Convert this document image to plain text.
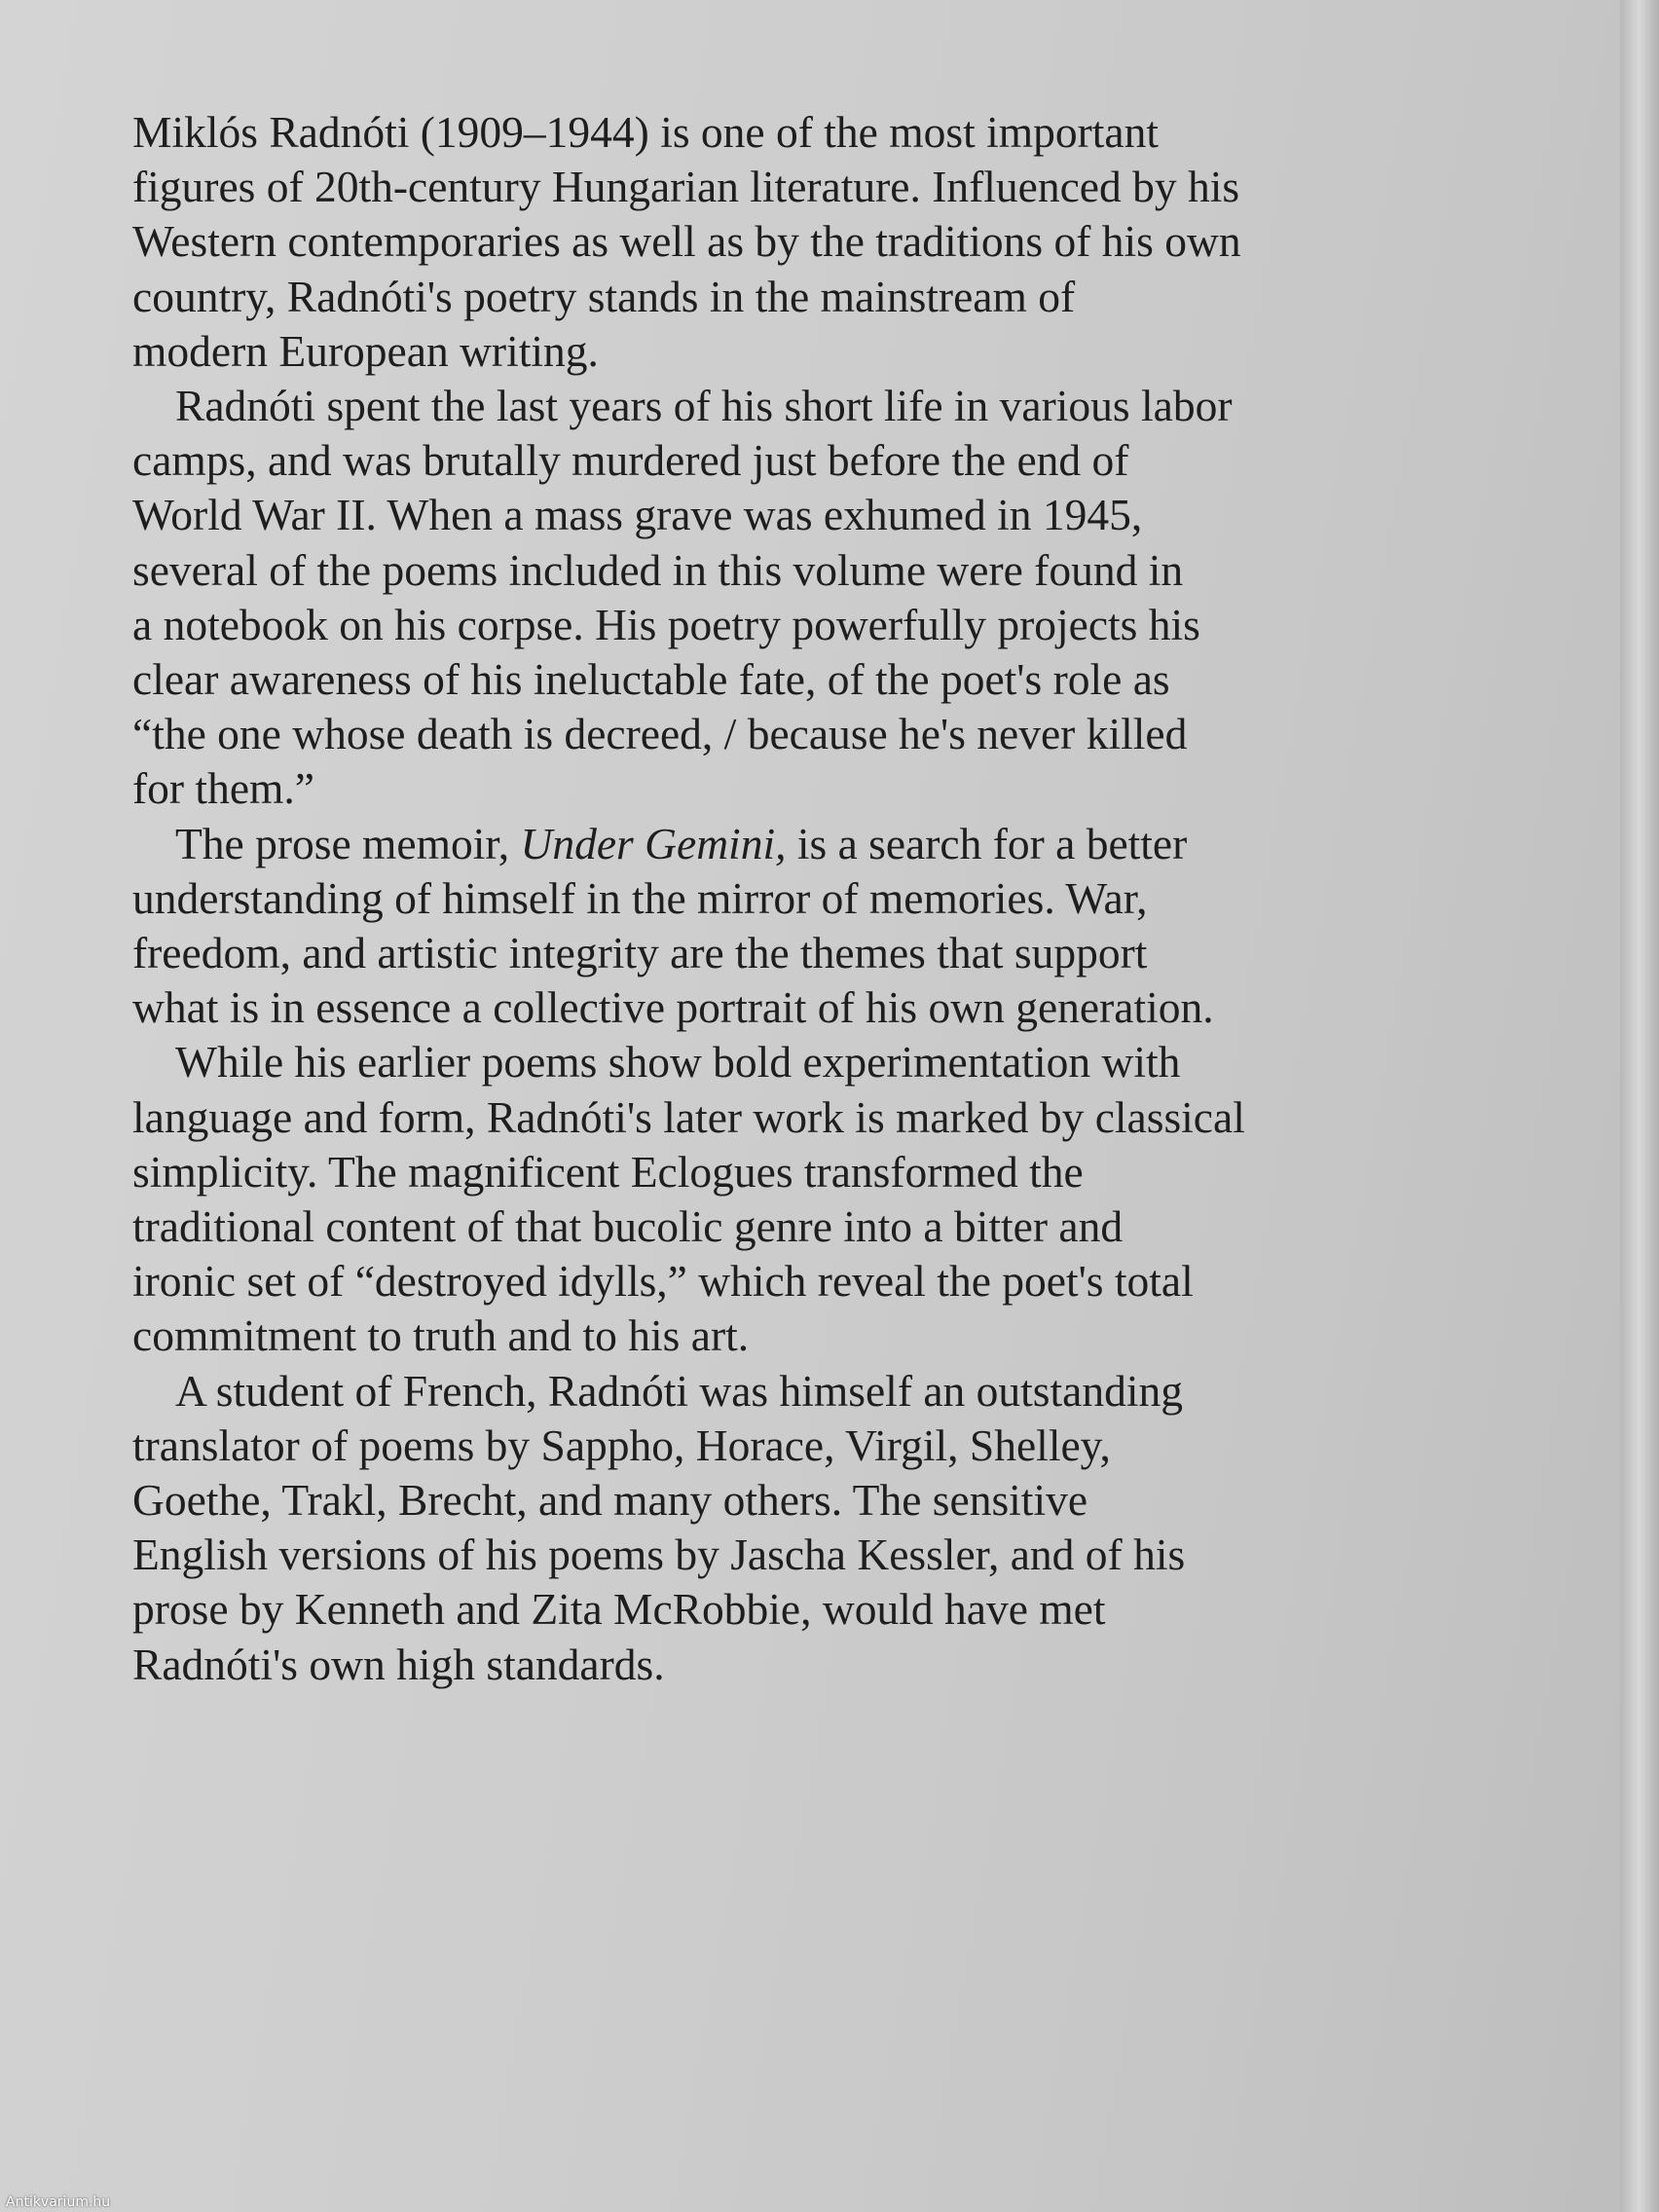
Miklós Radnóti (1909–1944) is one of the most important
figures of 20th-century Hungarian literature. Influenced by his
Western contemporaries as well as by the traditions of his own
country, Radnóti's poetry stands in the mainstream of
modern European writing.

Radnóti spent the last years of his short life in various labor
camps, and was brutally murdered just before the end of
World War II. When a mass grave was exhumed in 1945,
several of the poems included in this volume were found in
a notebook on his corpse. His poetry powerfully projects his
clear awareness of his ineluctable fate, of the poet's role as
“the one whose death is decreed, / because he's never killed
for them.”

The prose memoir, Under Gemini, is a search for a better
understanding of himself in the mirror of memories. War,
freedom, and artistic integrity are the themes that support
what is in essence a collective portrait of his own generation.

While his earlier poems show bold experimentation with
language and form, Radnóti's later work is marked by classical
simplicity. The magnificent Eclogues transformed the
traditional content of that bucolic genre into a bitter and
ironic set of “destroyed idylls,” which reveal the poet's total
commitment to truth and to his art.

A student of French, Radnóti was himself an outstanding
translator of poems by Sappho, Horace, Virgil, Shelley,
Goethe, Trakl, Brecht, and many others. The sensitive
English versions of his poems by Jascha Kessler, and of his
prose by Kenneth and Zita McRobbie, would have met
Radnóti's own high standards.

Antikvarium.hu
